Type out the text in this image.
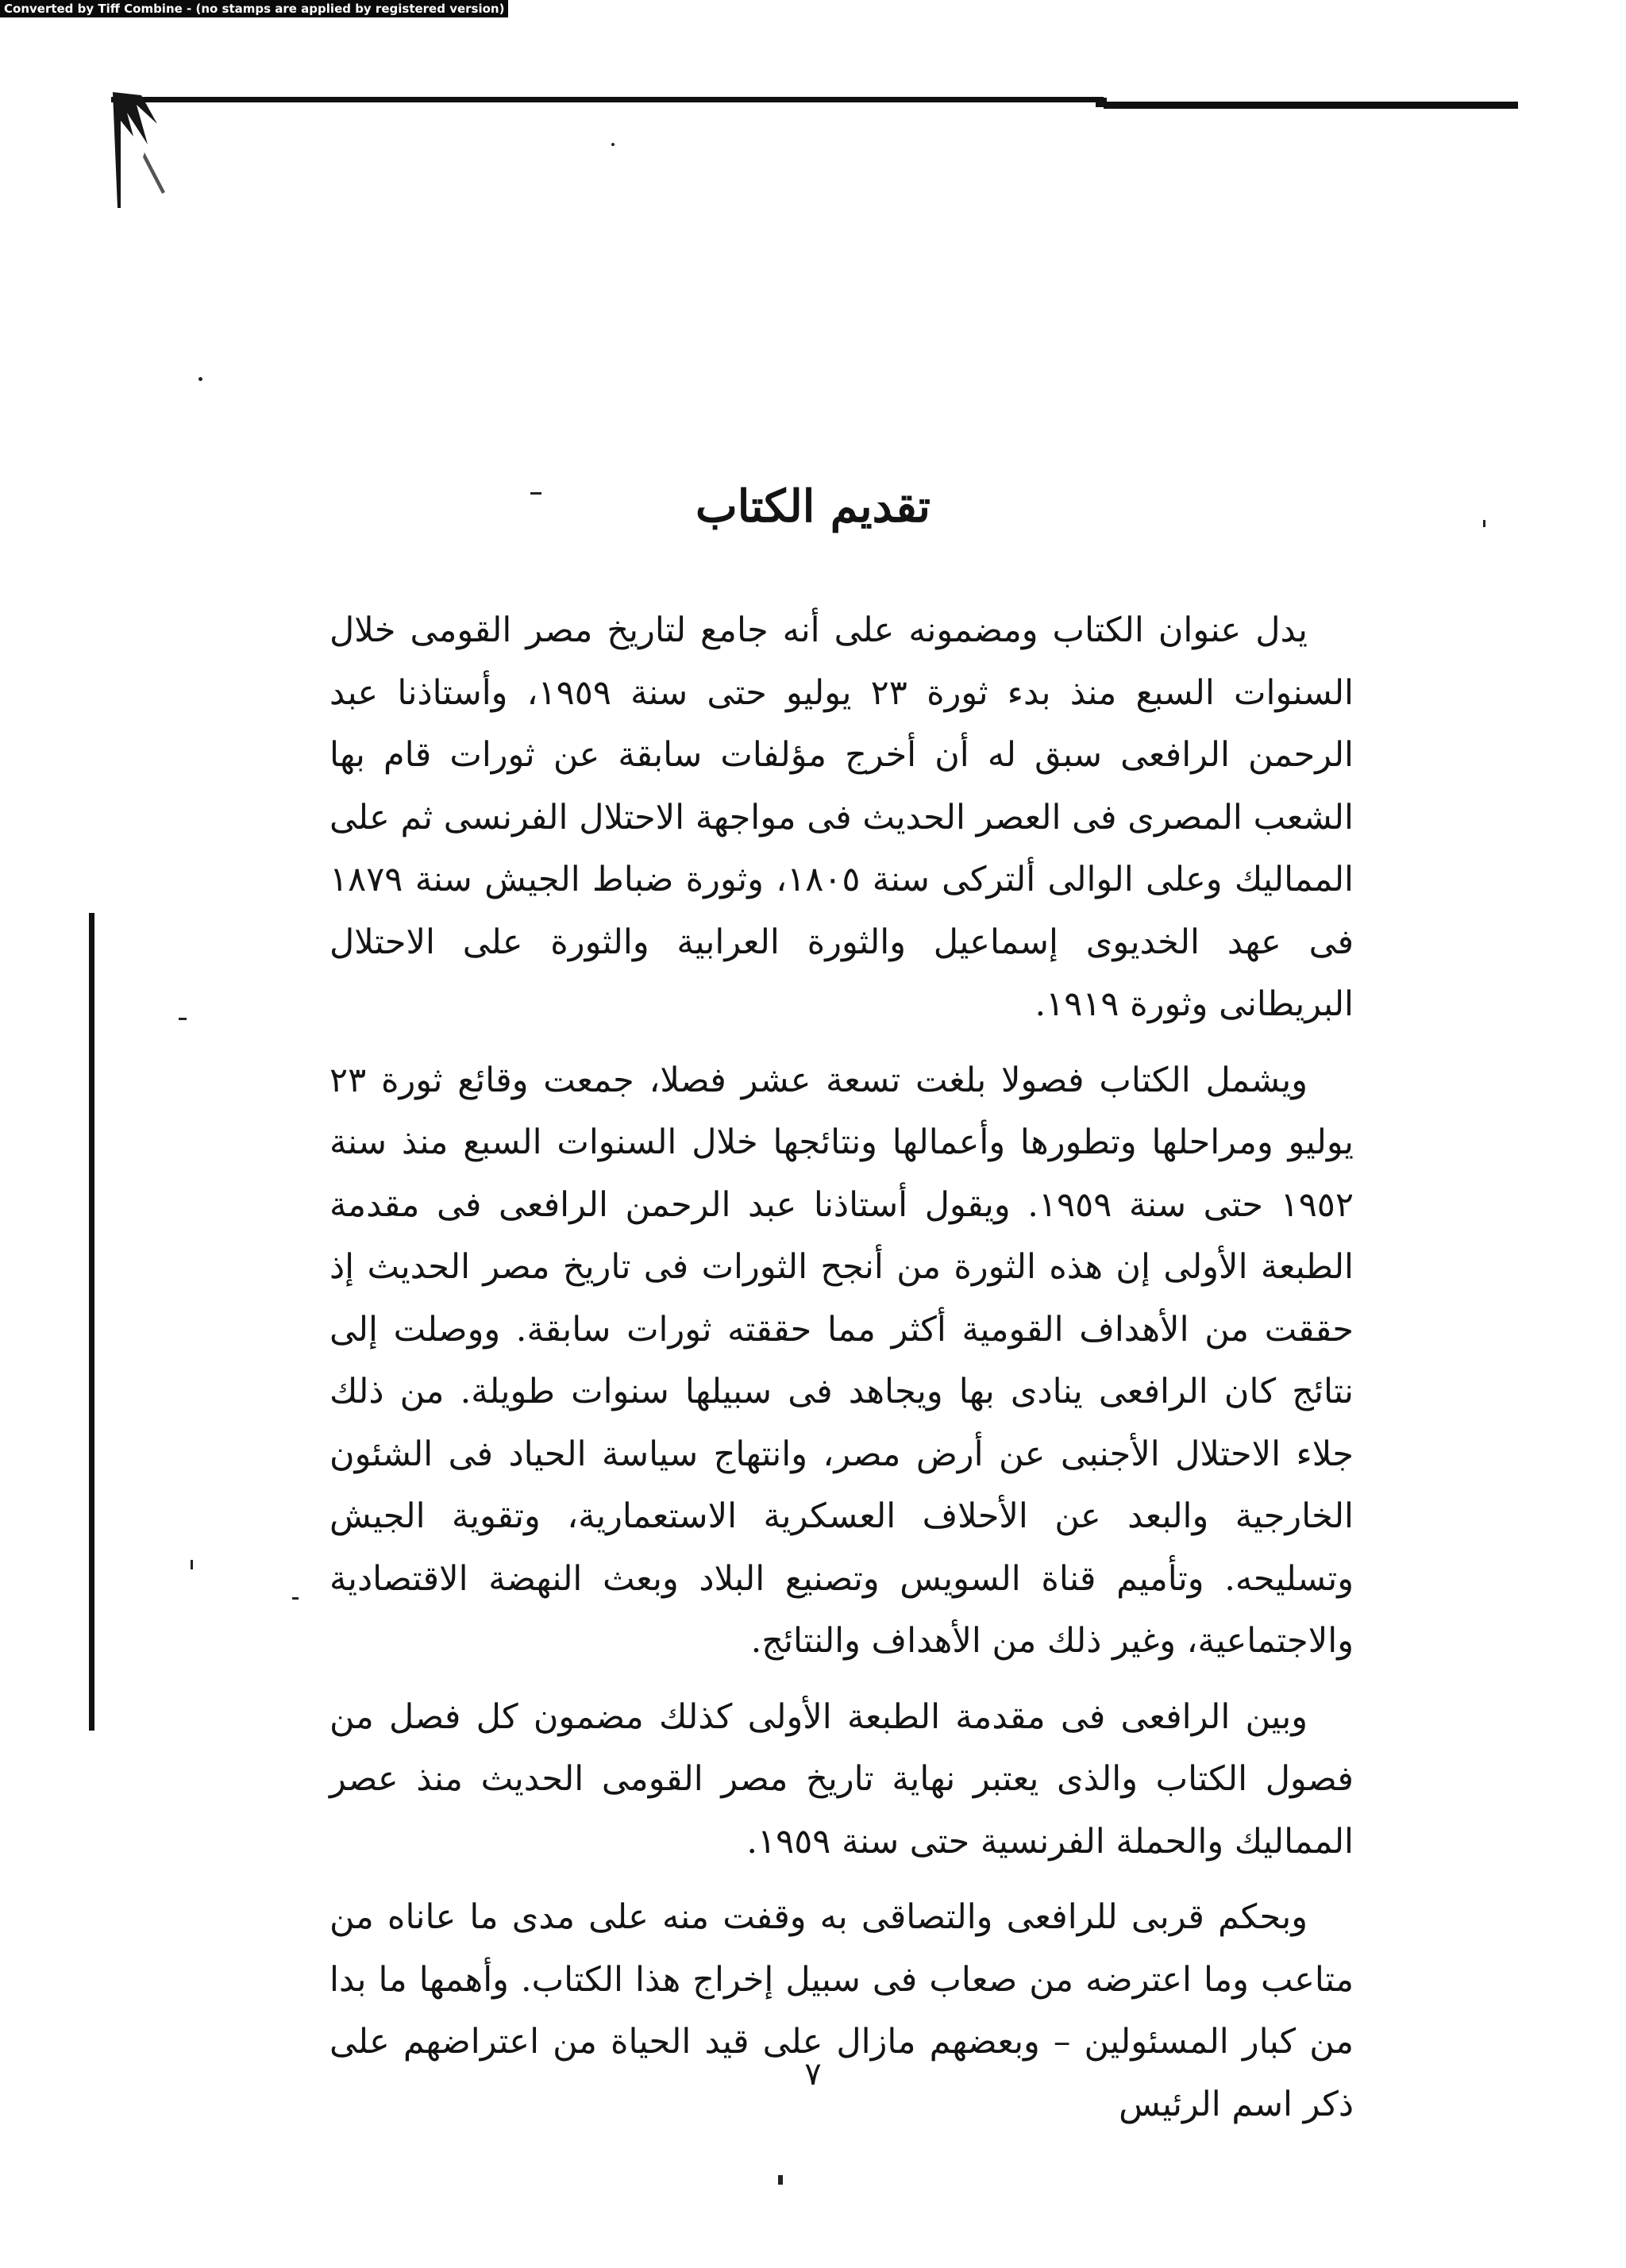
Converted by Tiff Combine - (no stamps are applied by registered version)
تقديم الكتاب

يدل عنوان الكتاب ومضمونه على أنه جامع لتاريخ مصر القومى خلال السنوات السبع منذ بدء ثورة ٢٣ يوليو حتى سنة ١٩٥٩، وأستاذنا عبد الرحمن الرافعى سبق له أن أخرج مؤلفات سابقة عن ثورات قام بها الشعب المصرى فى العصر الحديث فى مواجهة الاحتلال الفرنسى ثم على المماليك وعلى الوالى ألتركى سنة ١٨٠٥، وثورة ضباط الجيش سنة ١٨٧٩ فى عهد الخديوى إسماعيل والثورة العرابية والثورة على الاحتلال البريطانى وثورة ١٩١٩.

ويشمل الكتاب فصولا بلغت تسعة عشر فصلا، جمعت وقائع ثورة ٢٣ يوليو ومراحلها وتطورها وأعمالها ونتائجها خلال السنوات السبع منذ سنة ١٩٥٢ حتى سنة ١٩٥٩. ويقول أستاذنا عبد الرحمن الرافعى فى مقدمة الطبعة الأولى إن هذه الثورة من أنجح الثورات فى تاريخ مصر الحديث إذ حققت من الأهداف القومية أكثر مما حققته ثورات سابقة. ووصلت إلى نتائج كان الرافعى ينادى بها ويجاهد فى سبيلها سنوات طويلة. من ذلك جلاء الاحتلال الأجنبى عن أرض مصر، وانتهاج سياسة الحياد فى الشئون الخارجية والبعد عن الأحلاف العسكرية الاستعمارية، وتقوية الجيش وتسليحه. وتأميم قناة السويس وتصنيع البلاد وبعث النهضة الاقتصادية والاجتماعية، وغير ذلك من الأهداف والنتائج.

وبين الرافعى فى مقدمة الطبعة الأولى كذلك مضمون كل فصل من فصول الكتاب والذى يعتبر نهاية تاريخ مصر القومى الحديث منذ عصر المماليك والحملة الفرنسية حتى سنة ١٩٥٩.

وبحكم قربى للرافعى والتصاقى به وقفت منه على مدى ما عاناه من متاعب وما اعترضه من صعاب فى سبيل إخراج هذا الكتاب. وأهمها ما بدا من كبار المسئولين – وبعضهم مازال على قيد الحياة من اعتراضهم على ذكر اسم الرئيس

٧
